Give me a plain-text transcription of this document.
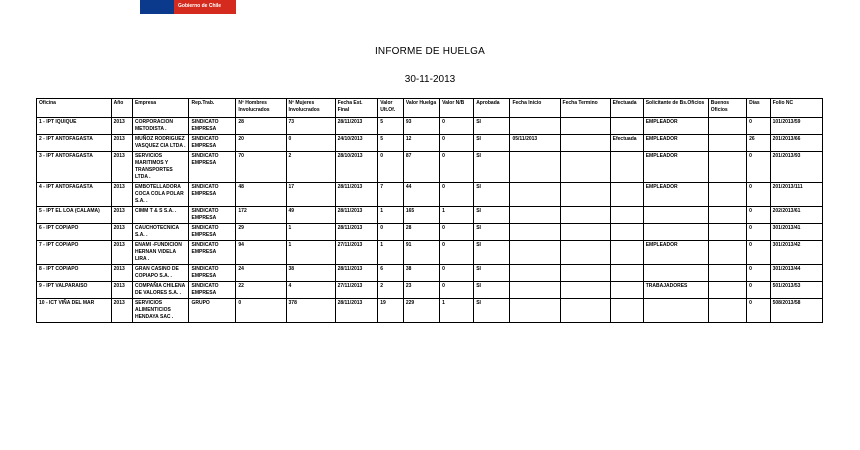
Gobierno de Chile
INFORME DE HUELGA
30-11-2013
Oficina	Año	Empresa	Rep.Trab.	Nº Hombres Involucrados	Nº Mujeres Involucrados	Fecha Est. Final	Valor Ult.Of.	Valor Huelga	Valor N/B	Aprobada	Fecha Inicio	Fecha Termino	Efectuada	Solicitante de Bs.Oficios	Buenos Oficios	Días	Folio NC
1 - IPT IQUIQUE	2013	CORPORACION METODISTA .	SINDICATO EMPRESA	28	73	28/11/2013	5	93	0	SI				EMPLEADOR		0	101/2013/59
2 - IPT ANTOFAGASTA	2013	MUÑOZ RODRIGUEZ VASQUEZ CIA LTDA .	SINDICATO EMPRESA	20	0	24/10/2013	5	12	0	SI	05/11/2013		Efectuada	EMPLEADOR		26	201/2013/66
3 - IPT ANTOFAGASTA	2013	SERVICIOS MARITIMOS Y TRANSPORTES LTDA .	SINDICATO EMPRESA	70	2	28/10/2013	0	87	0	SI				EMPLEADOR		0	201/2013/93
4 - IPT ANTOFAGASTA	2013	EMBOTELLADORA COCA COLA POLAR S.A. .	SINDICATO EMPRESA	48	17	28/11/2013	7	44	0	SI				EMPLEADOR		0	201/2013/111
5 - IPT EL LOA (CALAMA)	2013	CIMM T & S S.A. .	SINDICATO EMPRESA	172	49	28/11/2013	1	165	1	SI						0	202/2013/61
6 - IPT COPIAPO	2013	CAUCHOTECNICA S.A. .	SINDICATO EMPRESA	29	1	28/11/2013	0	28	0	SI						0	301/2013/41
7 - IPT COPIAPO	2013	ENAMI -FUNDICION HERNAN VIDELA LIRA .	SINDICATO EMPRESA	94	1	27/11/2013	1	91	0	SI				EMPLEADOR		0	301/2013/42
8 - IPT COPIAPO	2013	GRAN CASINO DE COPIAPO S.A. .	SINDICATO EMPRESA	24	38	28/11/2013	6	38	0	SI						0	301/2013/44
9 - IPT VALPARAISO	2013	COMPAÑIA CHILENA DE VALORES S.A. .	SINDICATO EMPRESA	22	4	27/11/2013	2	23	0	SI				TRABAJADORES		0	501/2013/53
10 - ICT VIÑA DEL MAR	2013	SERVICIOS ALIMENTICIOS HENDAYA SAC .	GRUPO	0	378	28/11/2013	19	229	1	SI						0	508/2013/58
